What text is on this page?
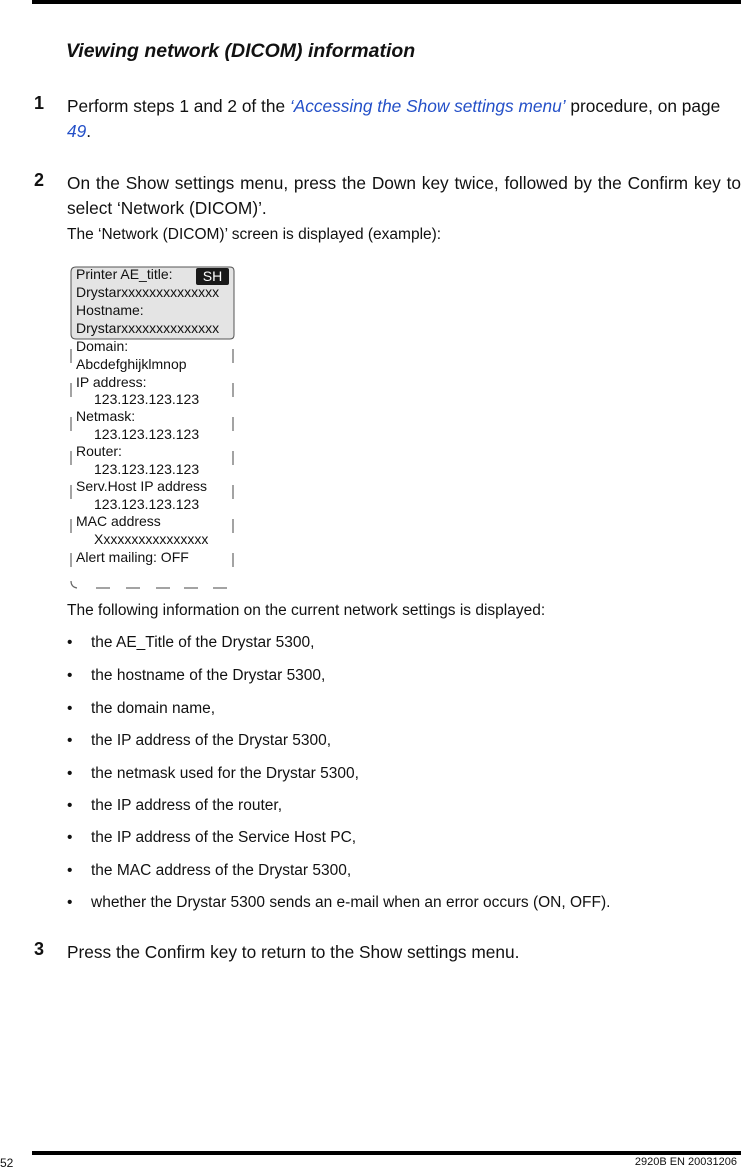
Viewing network (DICOM) information
1 Perform steps 1 and 2 of the ‘Accessing the Show settings menu’ procedure, on page 49.
2 On the Show settings menu, press the Down key twice, followed by the Confirm key to select ‘Network (DICOM)’.
The ‘Network (DICOM)’ screen is displayed (example):
SH
Printer AE_title:
Drystarxxxxxxxxxxxxxx
Hostname:
Drystarxxxxxxxxxxxxxx
Domain:
Abcdefghijklmnop
IP address:
123.123.123.123
Netmask:
123.123.123.123
Router:
123.123.123.123
Serv.Host IP address
123.123.123.123
MAC address
Xxxxxxxxxxxxxxxx
Alert mailing: OFF
The following information on the current network settings is displayed:
• the AE_Title of the Drystar 5300,
• the hostname of the Drystar 5300,
• the domain name,
• the IP address of the Drystar 5300,
• the netmask used for the Drystar 5300,
• the IP address of the router,
• the IP address of the Service Host PC,
• the MAC address of the Drystar 5300,
• whether the Drystar 5300 sends an e-mail when an error occurs (ON, OFF).
3 Press the Confirm key to return to the Show settings menu.
52	2920B EN 20031206
